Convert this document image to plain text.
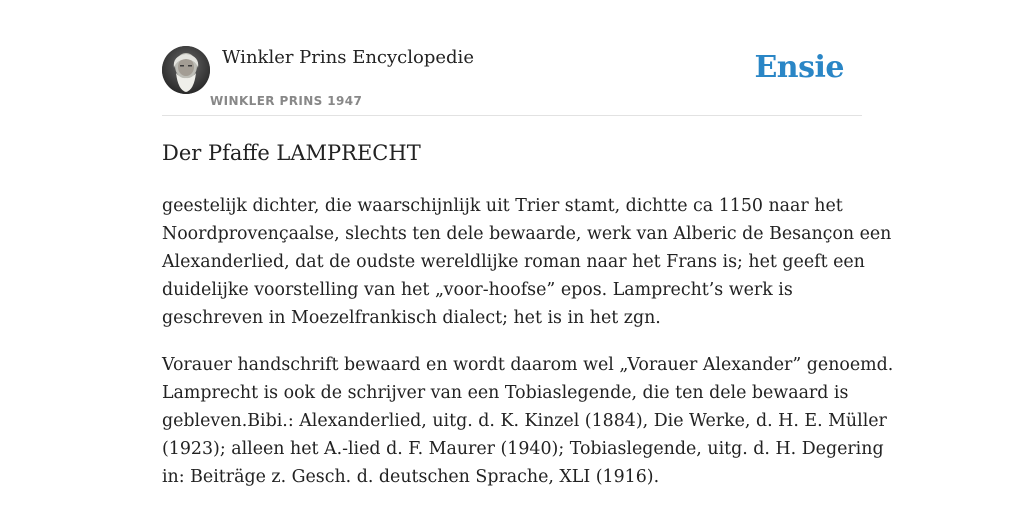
Winkler Prins Encyclopedie
WINKLER PRINS 1947
Ensie
Der Pfaffe LAMPRECHT

geestelijk dichter, die waarschijnlijk uit Trier stamt, dichtte ca 1150 naar het
Noordprovençaalse, slechts ten dele bewaarde, werk van Alberic de Besançon een
Alexanderlied, dat de oudste wereldlijke roman naar het Frans is; het geeft een
duidelijke voorstelling van het „voor-hoofse” epos. Lamprecht’s werk is
geschreven in Moezelfrankisch dialect; het is in het zgn.

Vorauer handschrift bewaard en wordt daarom wel „Vorauer Alexander” genoemd.
Lamprecht is ook de schrijver van een Tobiaslegende, die ten dele bewaard is
gebleven.Bibi.: Alexanderlied, uitg. d. K. Kinzel (1884), Die Werke, d. H. E. Müller
(1923); alleen het A.-lied d. F. Maurer (1940); Tobiaslegende, uitg. d. H. Degering
in: Beiträge z. Gesch. d. deutschen Sprache, XLI (1916).
